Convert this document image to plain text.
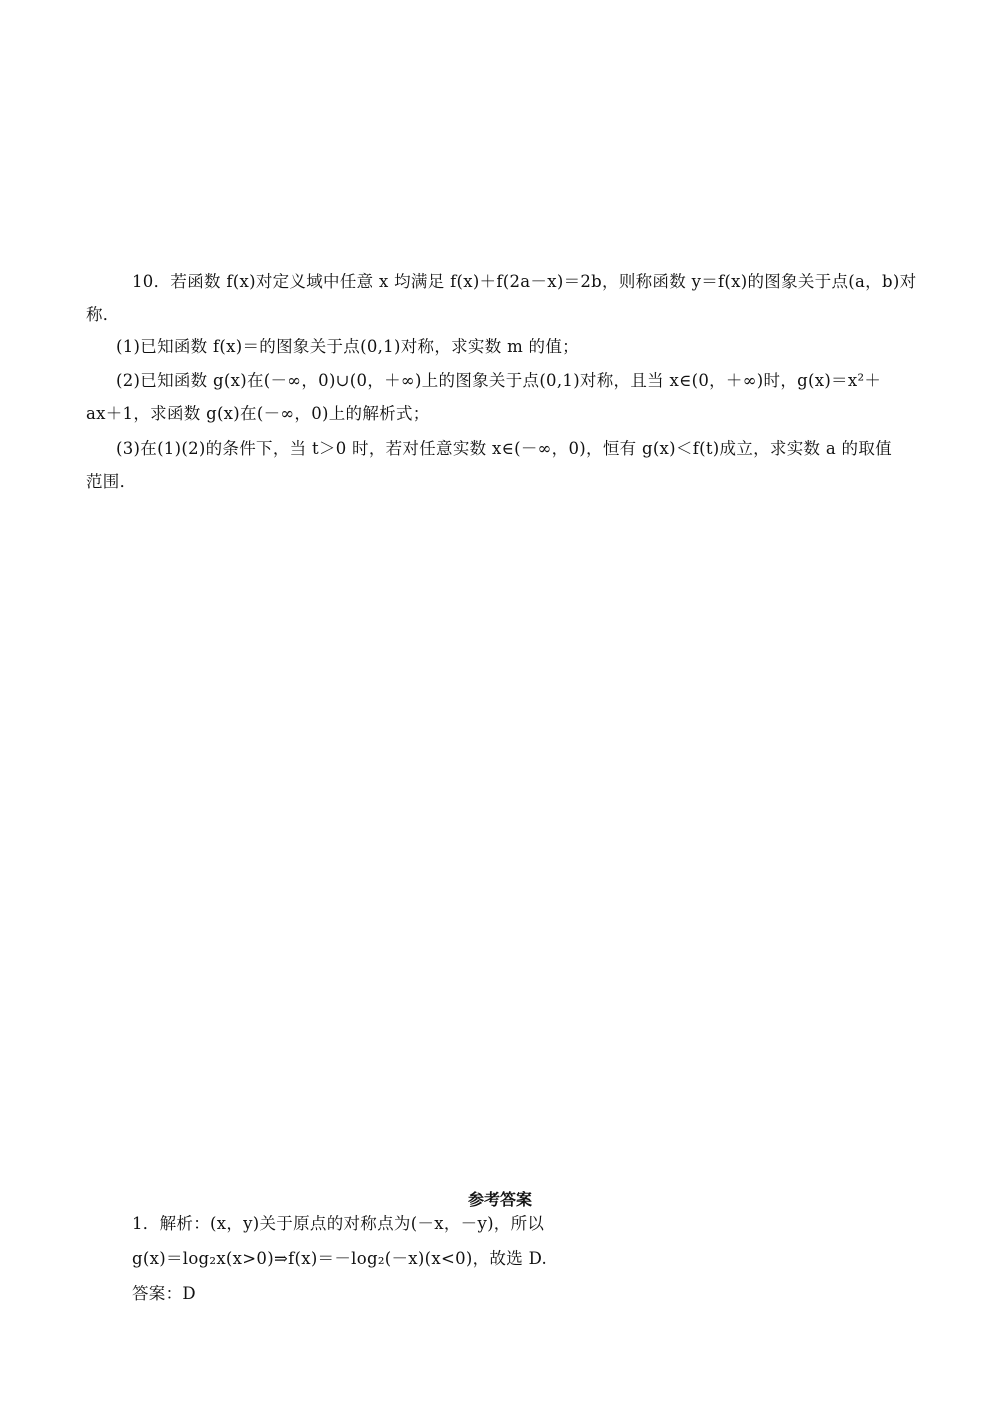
10．若函数 f(x)对定义域中任意 x 均满足 f(x)＋f(2a－x)＝2b，则称函数 y＝f(x)的图象关于点(a，b)对
称．
(1)已知函数 f(x)＝的图象关于点(0,1)对称，求实数 m 的值；
(2)已知函数 g(x)在(－∞，0)∪(0，＋∞)上的图象关于点(0,1)对称，且当 x∈(0，＋∞)时，g(x)＝x²＋
ax＋1，求函数 g(x)在(－∞，0)上的解析式；
(3)在(1)(2)的条件下，当 t＞0 时，若对任意实数 x∈(－∞，0)，恒有 g(x)＜f(t)成立，求实数 a 的取值
范围．
参考答案
1．解析：(x，y)关于原点的对称点为(－x，－y)，所以
g(x)＝log₂x(x>0)⇒f(x)＝－log₂(－x)(x<0)，故选 D.
答案：D
